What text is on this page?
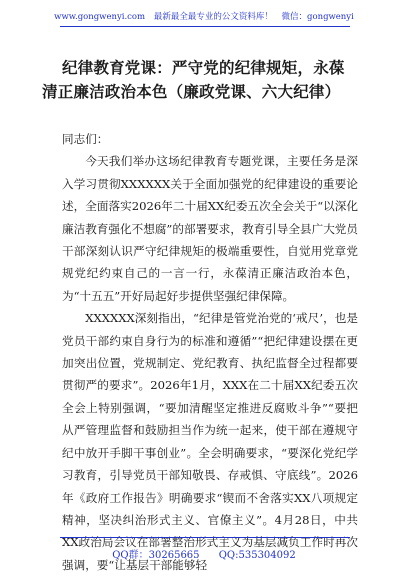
www.gongwenyi.com 最新最全最专业的公文资料库！ 微信：gongwenyi
纪律教育党课：严守党的纪律规矩，永葆
清正廉洁政治本色（廉政党课、六大纪律）

同志们：

今天我们举办这场纪律教育专题党课，主要任务是深入学习贯彻XXXXXX关于全面加强党的纪律建设的重要论述，全面落实2026年二十届XX纪委五次全会关于“以深化廉洁教育强化不想腐”的部署要求，教育引导全县广大党员干部深刻认识严守纪律规矩的极端重要性，自觉用党章党规党纪约束自己的一言一行，永葆清正廉洁政治本色，为“十五五”开好局起好步提供坚强纪律保障。

XXXXXX深刻指出，“纪律是管党治党的‘戒尺’，也是党员干部约束自身行为的标准和遵循”“把纪律建设摆在更加突出位置，党规制定、党纪教育、执纪监督全过程都要贯彻严的要求”。2026年1月，XXX在二十届XX纪委五次全会上特别强调，“要加清醒坚定推进反腐败斗争”“要把从严管理监督和鼓励担当作为统一起来，使干部在遵规守纪中放开手脚干事创业”。全会明确要求，“要深化党纪学习教育，引导党员干部知敬畏、存戒惧、守底线”。2026年《政府工作报告》明确要求“锲而不舍落实XX八项规定精神，坚决纠治形式主义、官僚主义”。4月28日，中共XX政治局会议在部署整治形式主义为基层减负工作时再次强调，要“让基层干部能够轻

QQ群：30265665 QQ:535304092
